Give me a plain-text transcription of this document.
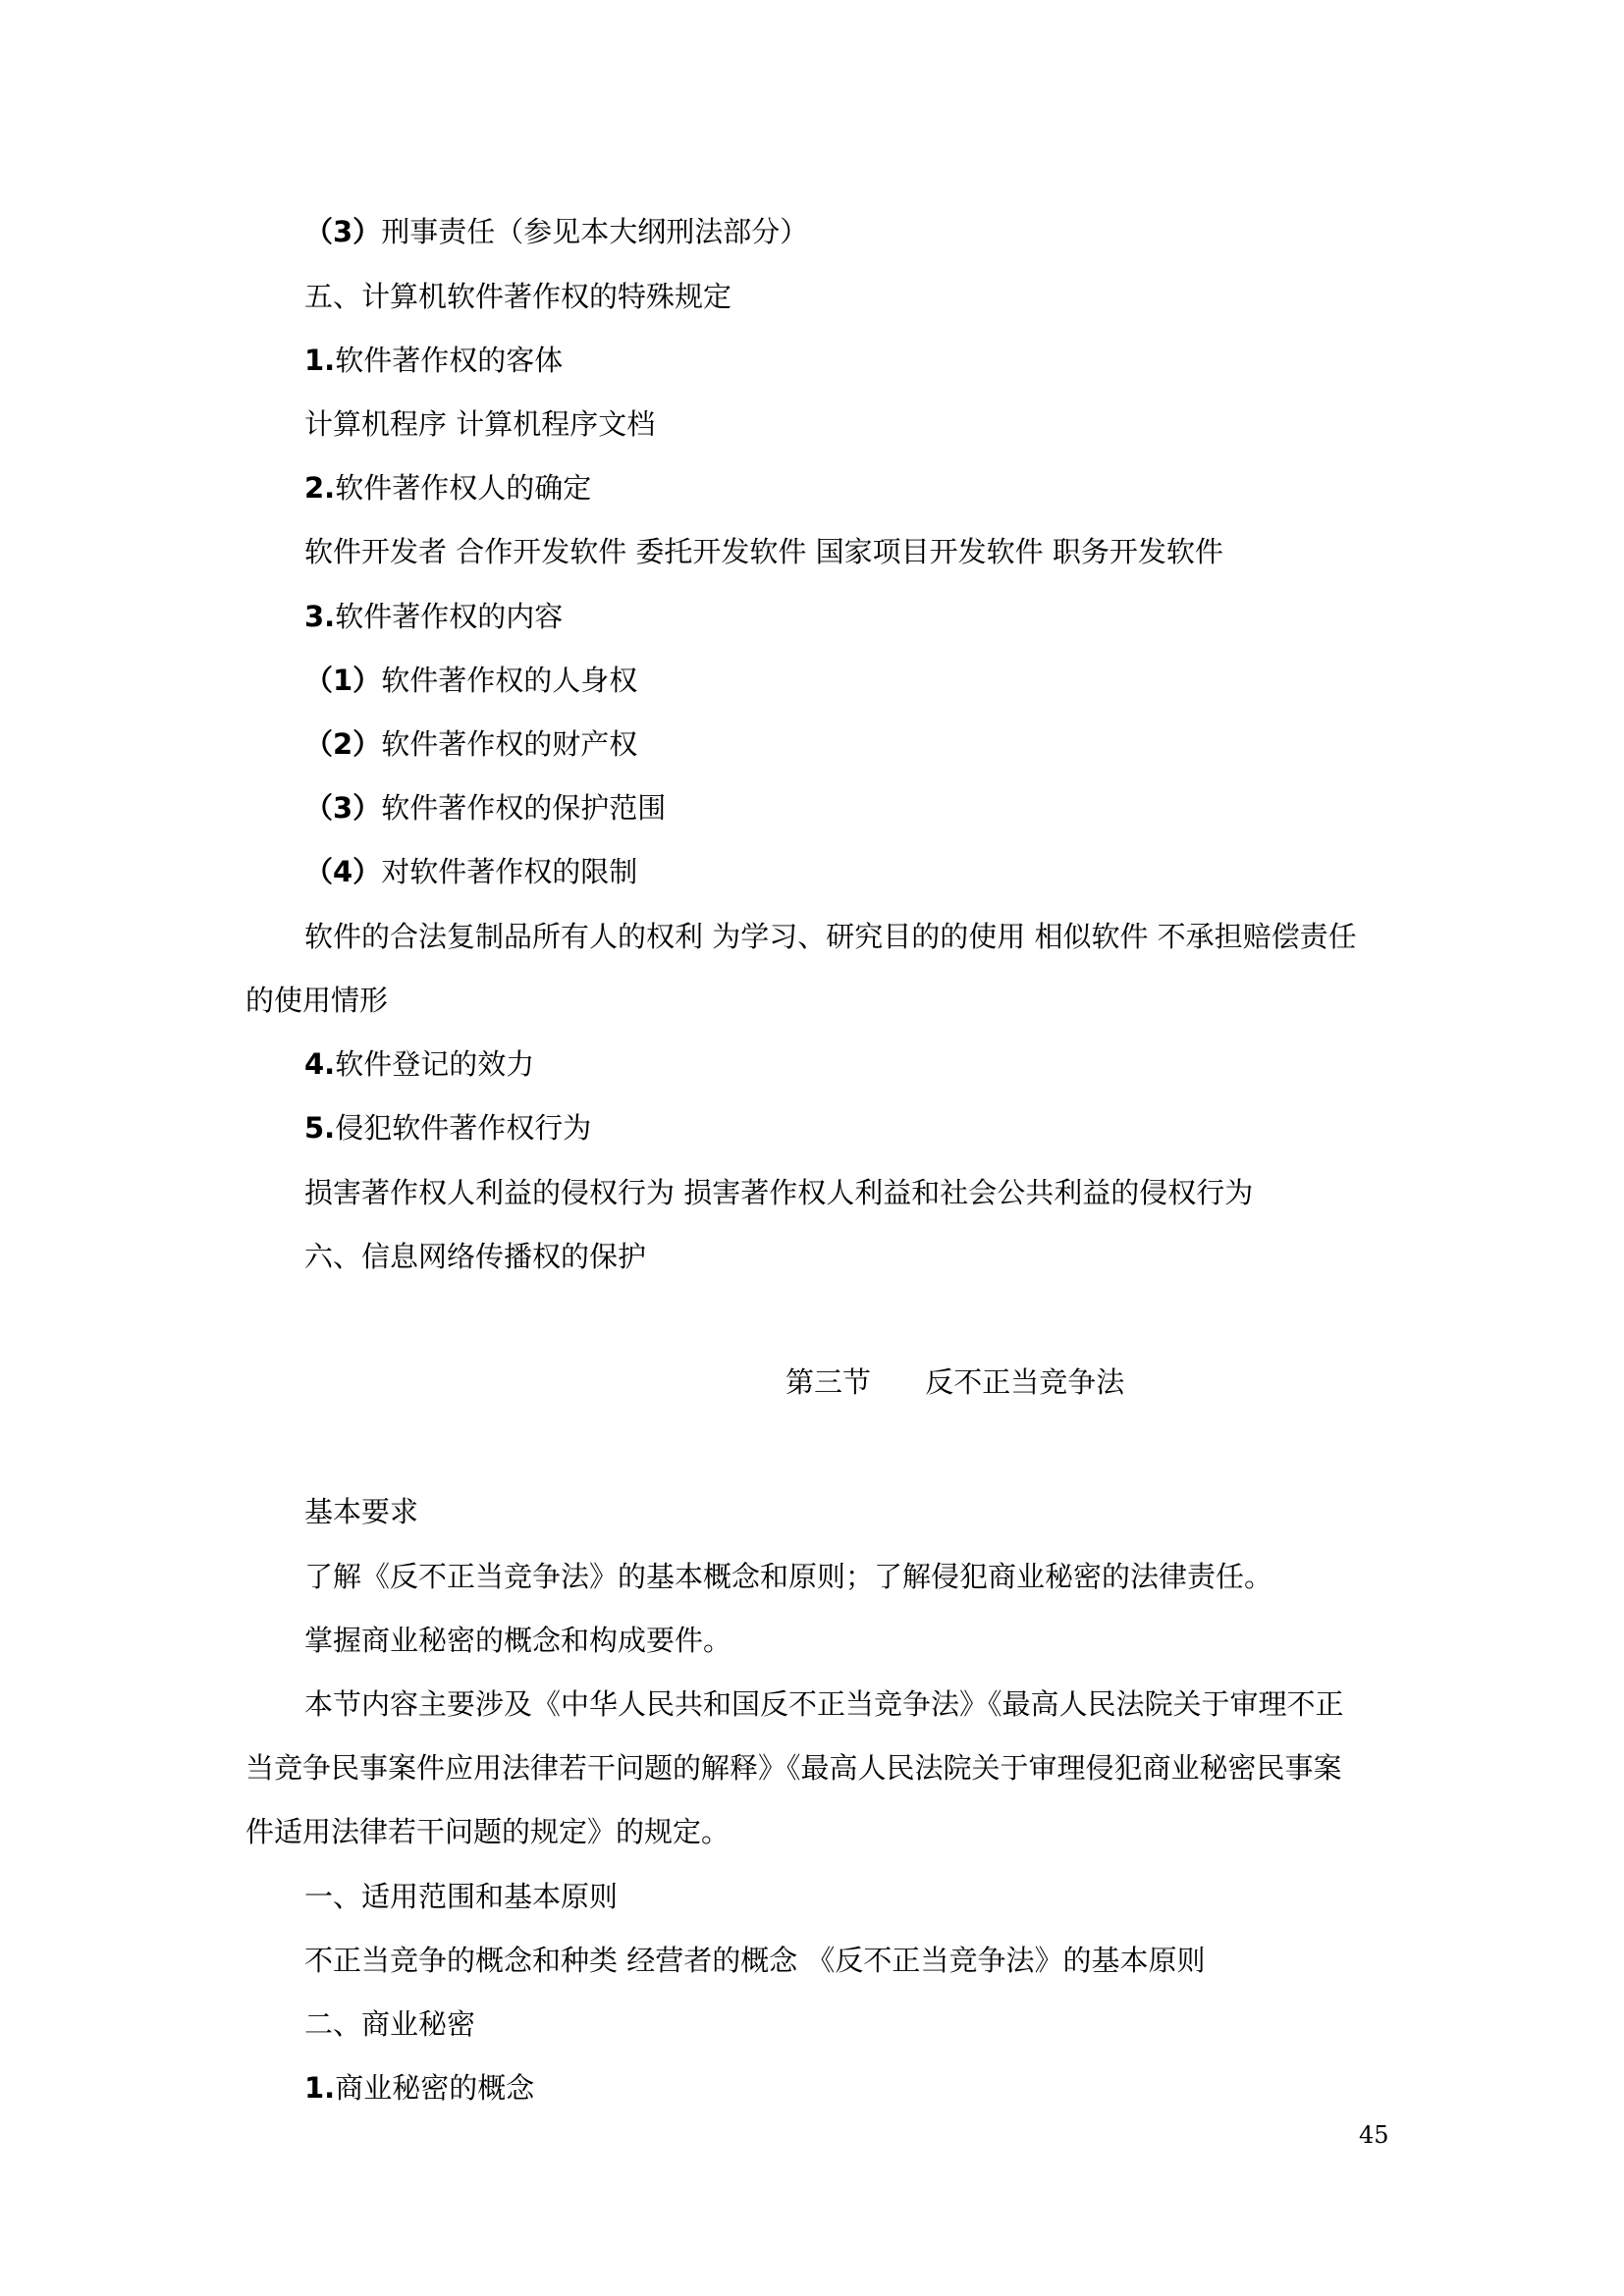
（3）刑事责任（参见本大纲刑法部分）
五、计算机软件著作权的特殊规定
1.软件著作权的客体
计算机程序 计算机程序文档
2.软件著作权人的确定
软件开发者 合作开发软件 委托开发软件 国家项目开发软件 职务开发软件
3.软件著作权的内容
（1）软件著作权的人身权
（2）软件著作权的财产权
（3）软件著作权的保护范围
（4）对软件著作权的限制
软件的合法复制品所有人的权利 为学习、研究目的的使用 相似软件 不承担赔偿责任
的使用情形
4.软件登记的效力
5.侵犯软件著作权行为
损害著作权人利益的侵权行为 损害著作权人利益和社会公共利益的侵权行为
六、信息网络传播权的保护
第三节      反不正当竞争法
基本要求
了解《反不正当竞争法》的基本概念和原则；了解侵犯商业秘密的法律责任。
掌握商业秘密的概念和构成要件。
本节内容主要涉及《中华人民共和国反不正当竞争法》《最高人民法院关于审理不正
当竞争民事案件应用法律若干问题的解释》《最高人民法院关于审理侵犯商业秘密民事案
件适用法律若干问题的规定》的规定。
一、适用范围和基本原则
不正当竞争的概念和种类 经营者的概念 《反不正当竞争法》的基本原则
二、商业秘密
1.商业秘密的概念
45
